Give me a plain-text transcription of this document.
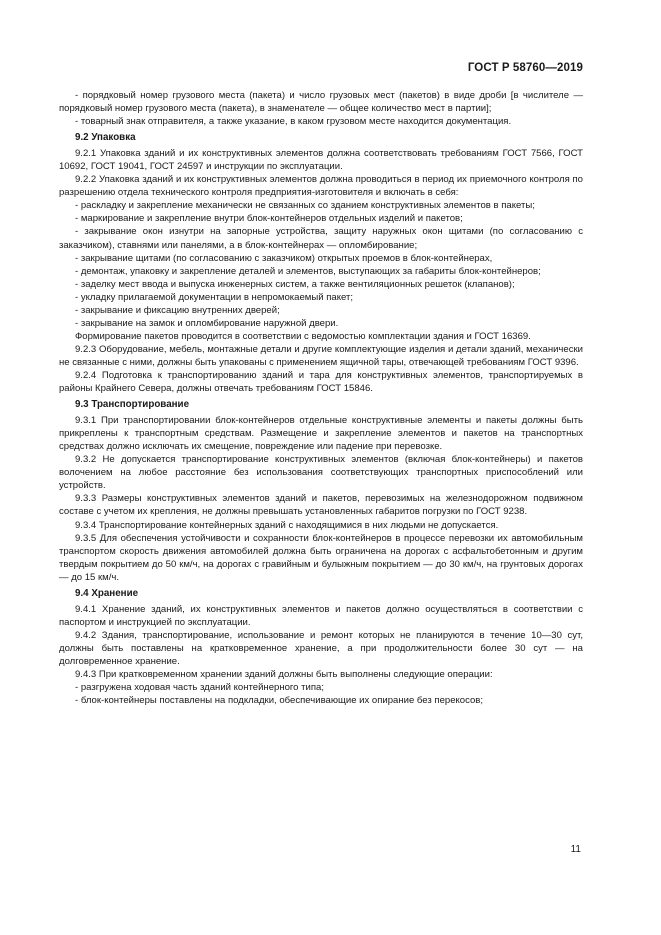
ГОСТ Р 58760—2019
- порядковый номер грузового места (пакета) и число грузовых мест (пакетов) в виде дроби [в числителе — порядковый номер грузового места (пакета), в знаменателе — общее количество мест в партии];
- товарный знак отправителя, а также указание, в каком грузовом месте находится документация.
9.2 Упаковка
9.2.1 Упаковка зданий и их конструктивных элементов должна соответствовать требованиям ГОСТ 7566, ГОСТ 10692, ГОСТ 19041, ГОСТ 24597 и инструкции по эксплуатации.
9.2.2 Упаковка зданий и их конструктивных элементов должна проводиться в период их приемочного контроля по разрешению отдела технического контроля предприятия-изготовителя и включать в себя:
- раскладку и закрепление механически не связанных со зданием конструктивных элементов в пакеты;
- маркирование и закрепление внутри блок-контейнеров отдельных изделий и пакетов;
- закрывание окон изнутри на запорные устройства, защиту наружных окон щитами (по согласованию с заказчиком), ставнями или панелями, а в блок-контейнерах — опломбирование;
- закрывание щитами (по согласованию с заказчиком) открытых проемов в блок-контейнерах,
- демонтаж, упаковку и закрепление деталей и элементов, выступающих за габариты блок-контейнеров;
- заделку мест ввода и выпуска инженерных систем, а также вентиляционных решеток (клапанов);
- укладку прилагаемой документации в непромокаемый пакет;
- закрывание и фиксацию внутренних дверей;
- закрывание на замок и опломбирование наружной двери.
Формирование пакетов проводится в соответствии с ведомостью комплектации здания и ГОСТ 16369.
9.2.3 Оборудование, мебель, монтажные детали и другие комплектующие изделия и детали зданий, механически не связанные с ними, должны быть упакованы с применением ящичной тары, отвечающей требованиям ГОСТ 9396.
9.2.4 Подготовка к транспортированию зданий и тара для конструктивных элементов, транспортируемых в районы Крайнего Севера, должны отвечать требованиям ГОСТ 15846.
9.3 Транспортирование
9.3.1 При транспортировании блок-контейнеров отдельные конструктивные элементы и пакеты должны быть прикреплены к транспортным средствам. Размещение и закрепление элементов и пакетов на транспортных средствах должно исключать их смещение, повреждение или падение при перевозке.
9.3.2 Не допускается транспортирование конструктивных элементов (включая блок-контейнеры) и пакетов волочением на любое расстояние без использования соответствующих транспортных приспособлений или устройств.
9.3.3 Размеры конструктивных элементов зданий и пакетов, перевозимых на железнодорожном подвижном составе с учетом их крепления, не должны превышать установленных габаритов погрузки по ГОСТ 9238.
9.3.4 Транспортирование контейнерных зданий с находящимися в них людьми не допускается.
9.3.5 Для обеспечения устойчивости и сохранности блок-контейнеров в процессе перевозки их автомобильным транспортом скорость движения автомобилей должна быть ограничена на дорогах с асфальтобетонным и другим твердым покрытием до 50 км/ч, на дорогах с гравийным и булыжным покрытием — до 30 км/ч, на грунтовых дорогах — до 15 км/ч.
9.4 Хранение
9.4.1 Хранение зданий, их конструктивных элементов и пакетов должно осуществляться в соответствии с паспортом и инструкцией по эксплуатации.
9.4.2 Здания, транспортирование, использование и ремонт которых не планируются в течение 10—30 сут, должны быть поставлены на кратковременное хранение, а при продолжительности более 30 сут — на долговременное хранение.
9.4.3 При кратковременном хранении зданий должны быть выполнены следующие операции:
- разгружена ходовая часть зданий контейнерного типа;
- блок-контейнеры поставлены на подкладки, обеспечивающие их опирание без перекосов;
11
